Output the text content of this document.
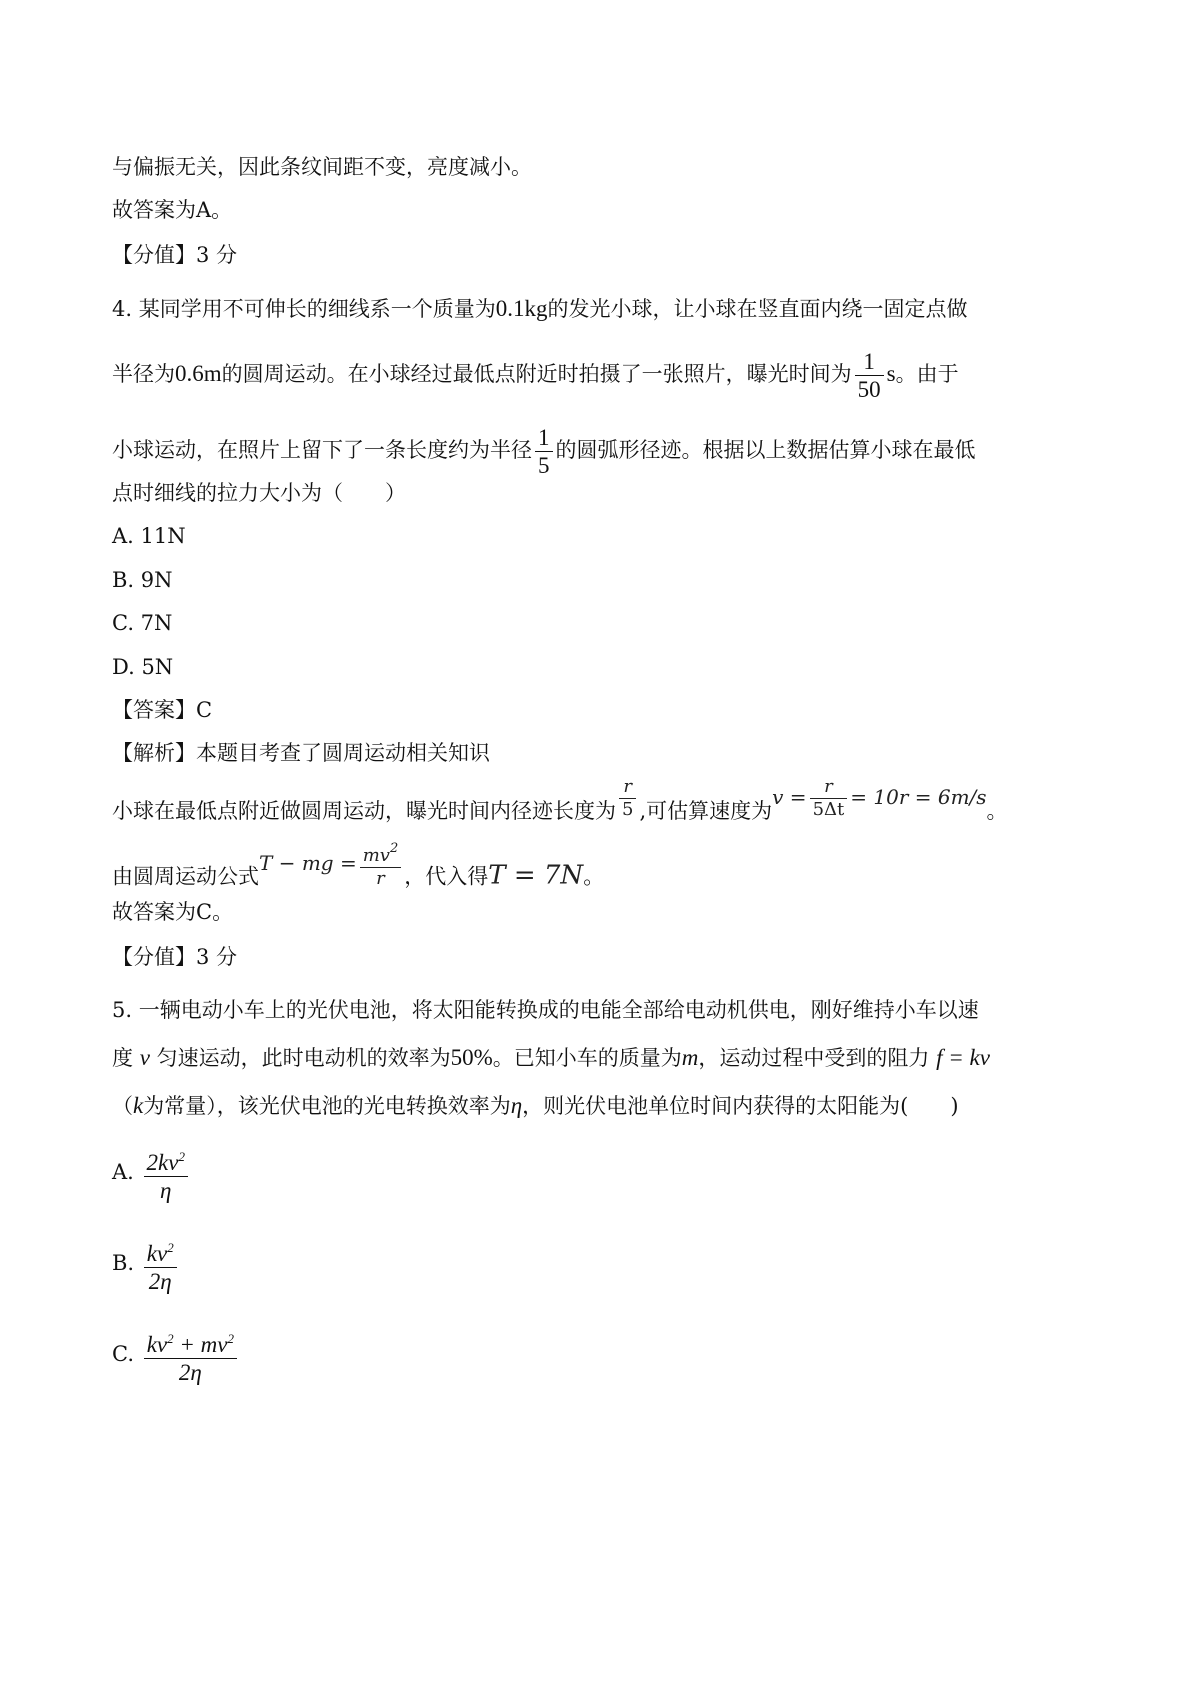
与偏振无关，因此条纹间距不变，亮度减小。
故答案为A。
【分值】3 分
4. 某同学用不可伸长的细线系一个质量为0.1kg的发光小球，让小球在竖直面内绕一固定点做
半径为0.6m的圆周运动。在小球经过最低点附近时拍摄了一张照片，曝光时间为 $\frac{1}{50}$ s。由于
小球运动，在照片上留下了一条长度约为半径 $\frac{1}{5}$ 的圆弧形径迹。根据以上数据估算小球在最低
点时细线的拉力大小为（　　）
A. 11N
B. 9N
C. 7N
D. 5N
【答案】C
【解析】本题目考查了圆周运动相关知识
小球在最低点附近做圆周运动，曝光时间内径迹长度为 $\frac{r}{5}$ ,可估算速度为$v = \frac{r}{5\Delta t} = 10r = 6m/s$。
由圆周运动公式T − mg = $\frac{mv^2}{r}$ ，代入得T = 7N。
故答案为C。
【分值】3 分
5. 一辆电动小车上的光伏电池，将太阳能转换成的电能全部给电动机供电，刚好维持小车以速
度 v 匀速运动，此时电动机的效率为50%。已知小车的质量为m，运动过程中受到的阻力 f = kv
（k为常量），该光伏电池的光电转换效率为η，则光伏电池单位时间内获得的太阳能为(　　)
A. $\frac{2kv^2}{\eta}$
B. $\frac{kv^2}{2\eta}$
C. $\frac{kv^2 + mv^2}{2\eta}$
